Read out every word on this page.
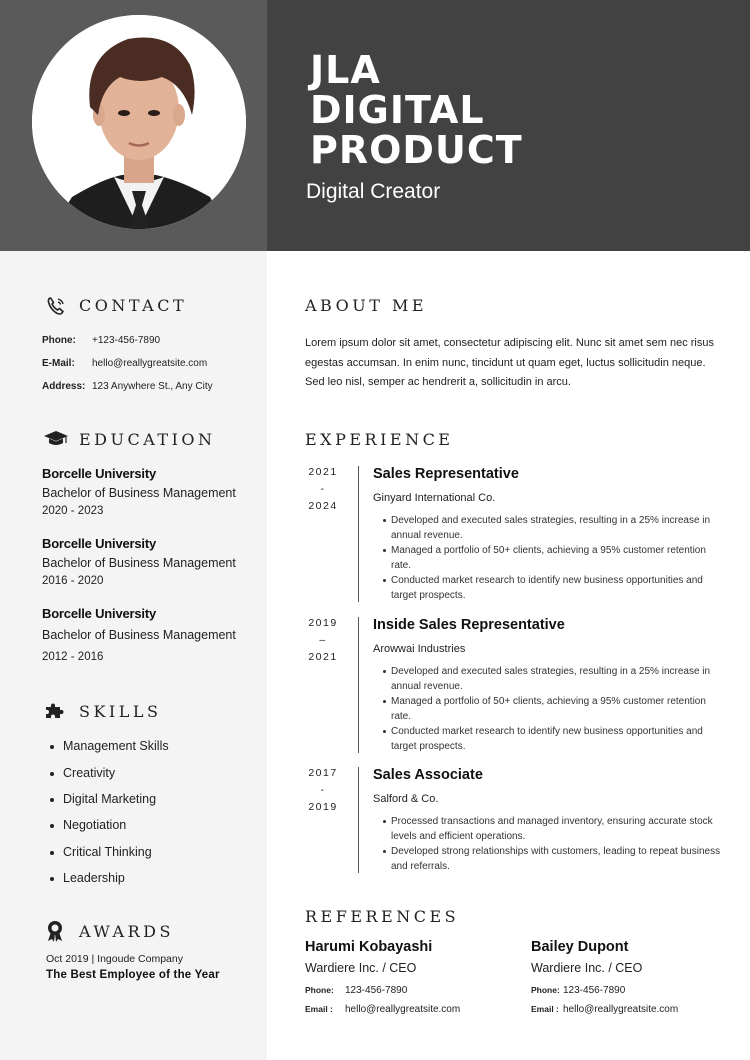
JLA
DIGITAL
PRODUCT
Digital Creator
CONTACT
Phone: +123-456-7890
E-Mail: hello@reallygreatsite.com
Address: 123 Anywhere St., Any City
EDUCATION
Borcelle University
Bachelor of Business Management
2020 - 2023
Borcelle University
Bachelor of Business Management
2016 - 2020
Borcelle University
Bachelor of Business Management
2012 - 2016
SKILLS
Management Skills
Creativity
Digital Marketing
Negotiation
Critical Thinking
Leadership
AWARDS
Oct 2019 | Ingoude Company
The Best Employee of the Year
ABOUT ME
Lorem ipsum dolor sit amet, consectetur adipiscing elit. Nunc sit amet sem nec risus egestas accumsan. In enim nunc, tincidunt ut quam eget, luctus sollicitudin neque. Sed leo nisl, semper ac hendrerit a, sollicitudin in arcu.
EXPERIENCE
2021
-
2024
Sales Representative
Ginyard International Co.
Developed and executed sales strategies, resulting in a 25% increase in annual revenue.
Managed a portfolio of 50+ clients, achieving a 95% customer retention rate.
Conducted market research to identify new business opportunities and target prospects.
2019
–
2021
Inside Sales Representative
Arowwai Industries
Developed and executed sales strategies, resulting in a 25% increase in annual revenue.
Managed a portfolio of 50+ clients, achieving a 95% customer retention rate.
Conducted market research to identify new business opportunities and target prospects.
2017
-
2019
Sales Associate
Salford & Co.
Processed transactions and managed inventory, ensuring accurate stock levels and efficient operations.
Developed strong relationships with customers, leading to repeat business and referrals.
REFERENCES
Harumi Kobayashi
Wardiere Inc. / CEO
Phone: 123-456-7890
Email : hello@reallygreatsite.com
Bailey Dupont
Wardiere Inc. / CEO
Phone: 123-456-7890
Email : hello@reallygreatsite.com
